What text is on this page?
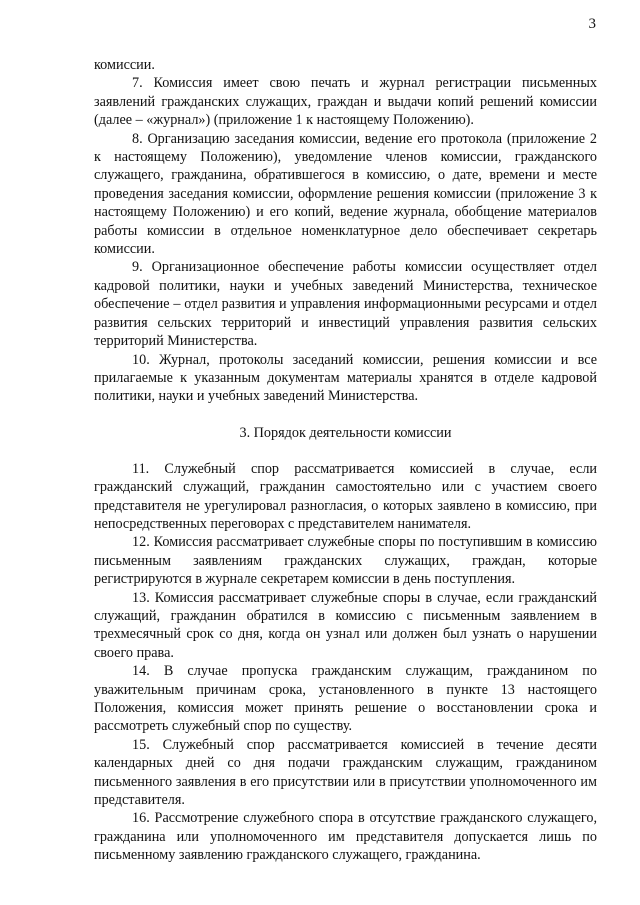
3

комиссии.

7. Комиссия имеет свою печать и журнал регистрации письменных заявлений гражданских служащих, граждан и выдачи копий решений комиссии (далее – «журнал») (приложение 1 к настоящему Положению).

8. Организацию заседания комиссии, ведение его протокола (приложение 2 к настоящему Положению), уведомление членов комиссии, гражданского служащего, гражданина, обратившегося в комиссию, о дате, времени и месте проведения заседания комиссии, оформление решения комиссии (приложение 3 к настоящему Положению) и его копий, ведение журнала, обобщение материалов работы комиссии в отдельное номенклатурное дело обеспечивает секретарь комиссии.

9. Организационное обеспечение работы комиссии осуществляет отдел кадровой политики, науки и учебных заведений Министерства, техническое обеспечение – отдел развития и управления информационными ресурсами и отдел развития сельских территорий и инвестиций управления развития сельских территорий Министерства.

10. Журнал, протоколы заседаний комиссии, решения комиссии и все прилагаемые к указанным документам материалы хранятся в отделе кадровой политики, науки и учебных заведений Министерства.

3. Порядок деятельности комиссии

11. Служебный спор рассматривается комиссией в случае, если гражданский служащий, гражданин самостоятельно или с участием своего представителя не урегулировал разногласия, о которых заявлено в комиссию, при непосредственных переговорах с представителем нанимателя.

12. Комиссия рассматривает служебные споры по поступившим в комиссию письменным заявлениям гражданских служащих, граждан, которые регистрируются в журнале секретарем комиссии в день поступления.

13. Комиссия рассматривает служебные споры в случае, если гражданский служащий, гражданин обратился в комиссию с письменным заявлением в трехмесячный срок со дня, когда он узнал или должен был узнать о нарушении своего права.

14. В случае пропуска гражданским служащим, гражданином по уважительным причинам срока, установленного в пункте 13 настоящего Положения, комиссия может принять решение о восстановлении срока и рассмотреть служебный спор по существу.

15. Служебный спор рассматривается комиссией в течение десяти календарных дней со дня подачи гражданским служащим, гражданином письменного заявления в его присутствии или в присутствии уполномоченного им представителя.

16. Рассмотрение служебного спора в отсутствие гражданского служащего, гражданина или уполномоченного им представителя допускается лишь по письменному заявлению гражданского служащего, гражданина.
